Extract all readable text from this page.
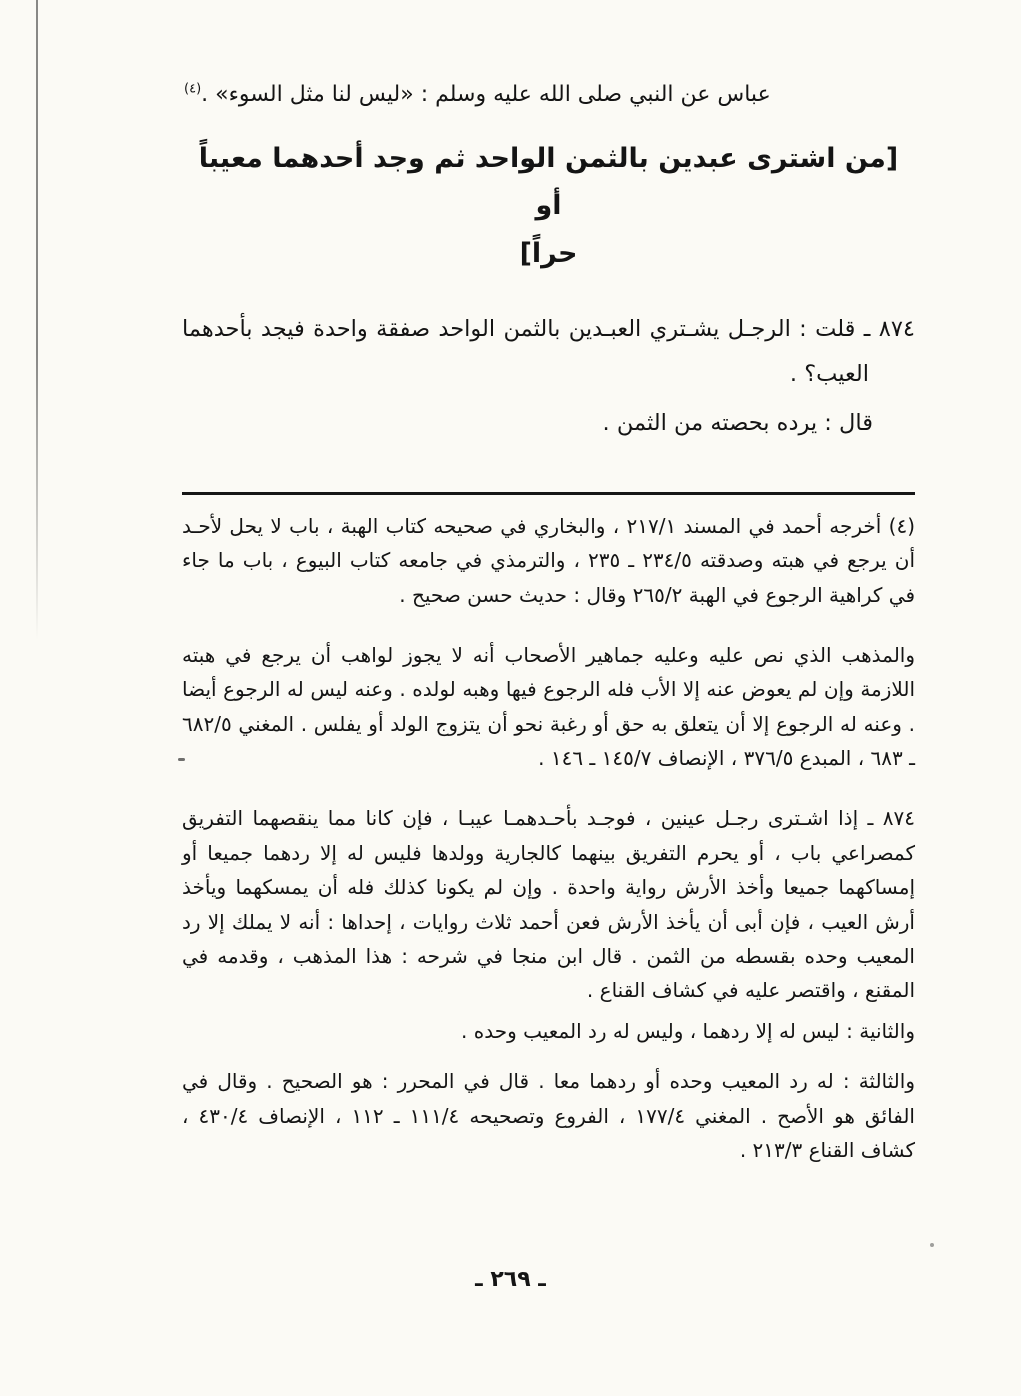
عباس عن النبي صلى الله عليه وسلم : «ليس لنا مثل السوء» .$^{(٤)}$
[من اشترى عبدين بالثمن الواحد ثم وجد أحدهما معيباً أو
حراً]
٨٧٤ ـ قلت : الرجـل يشـتري العبـدين بالثمن الواحد صفقة واحدة فيجد بأحدهما العيب؟ .
قال : يرده بحصته من الثمن .
(٤) أخرجه أحمد في المسند ٢١٧/١ ، والبخاري في صحيحه كتاب الهبة ، باب لا يحل لأحـد أن يرجع في هبته وصدقته ٢٣٤/٥ ـ ٢٣٥ ، والترمذي في جامعه كتاب البيوع ، باب ما جاء في كراهية الرجوع في الهبة ٢٦٥/٢ وقال : حديث حسن صحيح .
والمذهب الذي نص عليه وعليه جماهير الأصحاب أنه لا يجوز لواهب أن يرجع في هبته اللازمة وإن لم يعوض عنه إلا الأب فله الرجوع فيها وهبه لولده . وعنه ليس له الرجوع أيضا . وعنه له الرجوع إلا أن يتعلق به حق أو رغبة نحو أن يتزوج الولد أو يفلس . المغني ٦٨٢/٥ ـ ٦٨٣ ، المبدع ٣٧٦/٥ ، الإنصاف ١٤٥/٧ ـ ١٤٦ .
٨٧٤ ـ إذا اشـترى رجـل عينين ، فوجـد بأحـدهمـا عيبـا ، فإن كانا مما ينقصهما التفريق كمصراعي باب ، أو يحرم التفريق بينهما كالجارية وولدها فليس له إلا ردهما جميعا أو إمساكهما جميعا وأخذ الأرش رواية واحدة . وإن لم يكونا كذلك فله أن يمسكهما ويأخذ أرش العيب ، فإن أبى أن يأخذ الأرش فعن أحمد ثلاث روايات ، إحداها : أنه لا يملك إلا رد المعيب وحده بقسطه من الثمن . قال ابن منجا في شرحه : هذا المذهب ، وقدمه في المقنع ، واقتصر عليه في كشاف القناع .
والثانية : ليس له إلا ردهما ، وليس له رد المعيب وحده .
والثالثة : له رد المعيب وحده أو ردهما معا . قال في المحرر : هو الصحيح . وقال في الفائق هو الأصح . المغني ١٧٧/٤ ، الفروع وتصحيحه ١١١/٤ ـ ١١٢ ، الإنصاف ٤٣٠/٤ ، كشاف القناع ٢١٣/٣ .
ـ ٢٦٩ ـ
